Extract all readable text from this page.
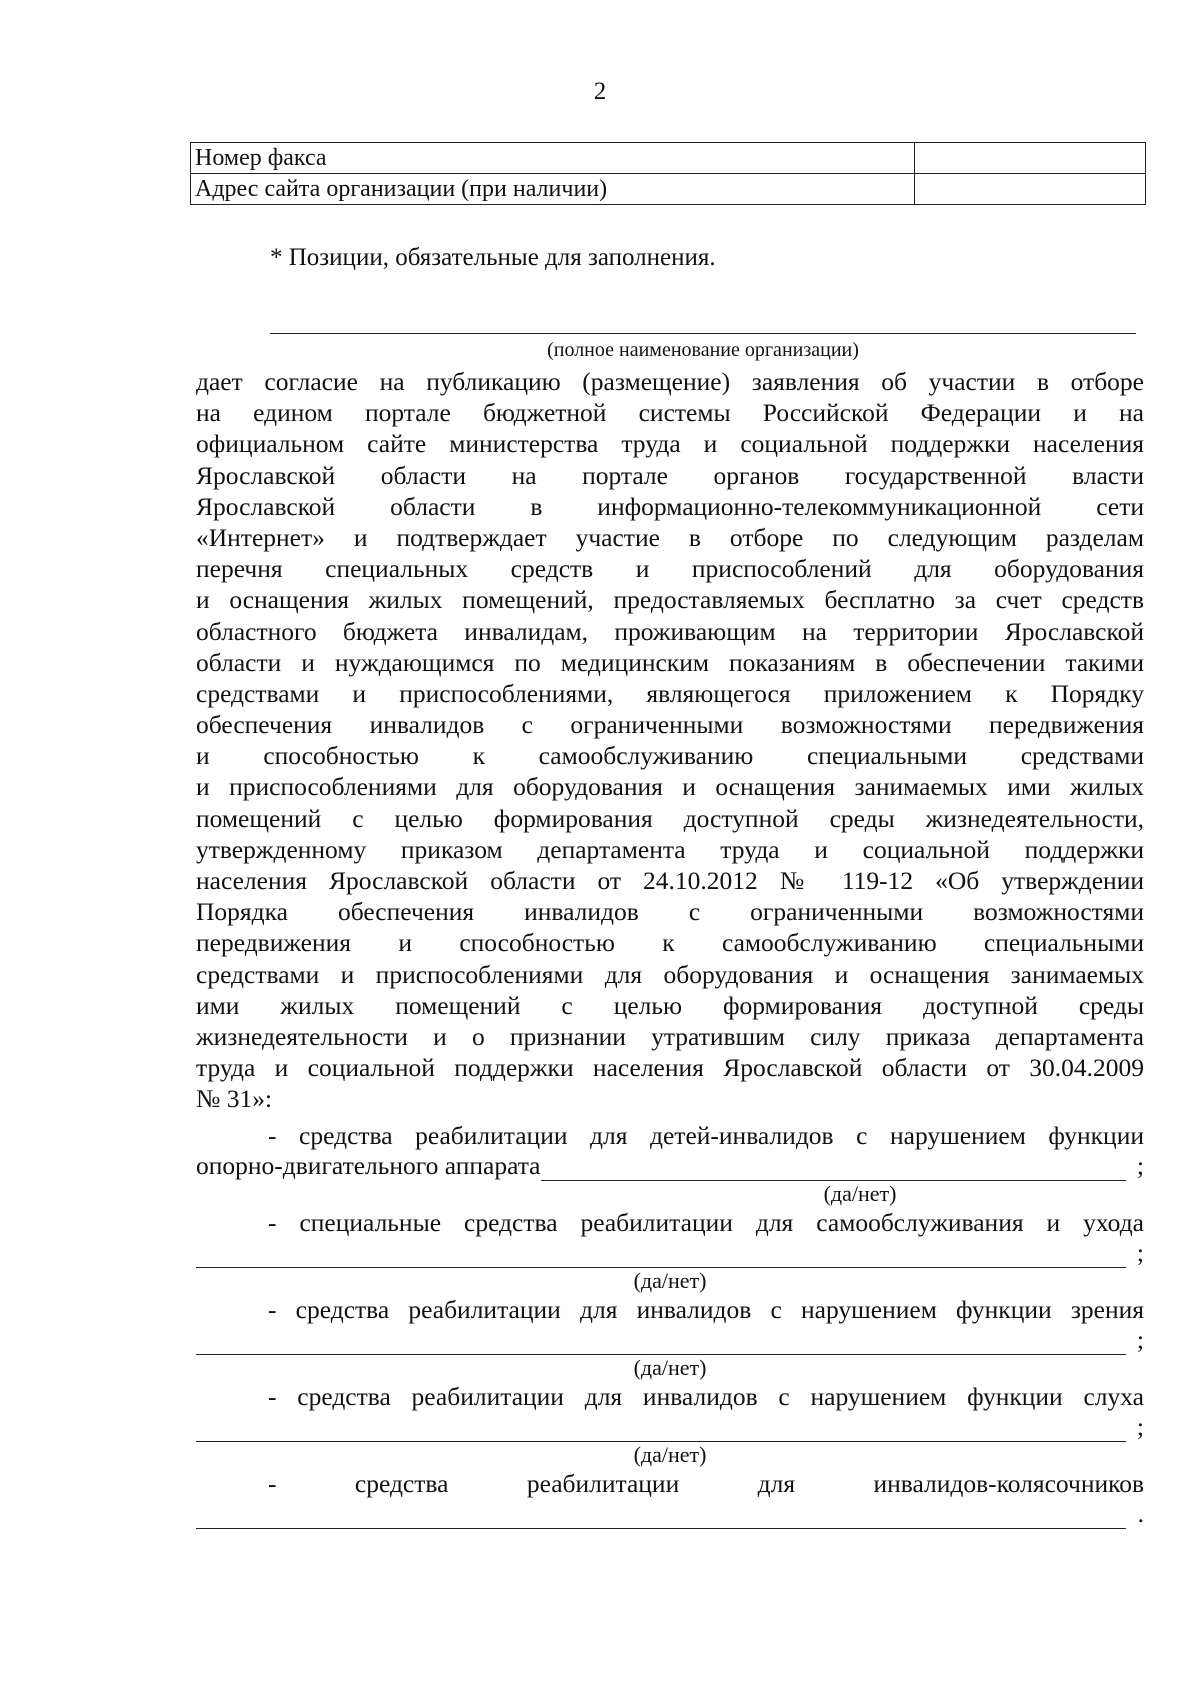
2
Номер факса	
Адрес сайта организации (при наличии)	
* Позиции, обязательные для заполнения.
(полное наименование организации)
дает согласие на публикацию (размещение) заявления об участии в отборе
на едином портале бюджетной системы Российской Федерации и на
официальном сайте министерства труда и социальной поддержки населения
Ярославской области на портале органов государственной власти
Ярославской области в информационно-телекоммуникационной сети
«Интернет» и подтверждает участие в отборе по следующим разделам
перечня специальных средств и приспособлений для оборудования
и оснащения жилых помещений, предоставляемых бесплатно за счет средств
областного бюджета инвалидам, проживающим на территории Ярославской
области и нуждающимся по медицинским показаниям в обеспечении такими
средствами и приспособлениями, являющегося приложением к Порядку
обеспечения инвалидов с ограниченными возможностями передвижения
и способностью к самообслуживанию специальными средствами
и приспособлениями для оборудования и оснащения занимаемых ими жилых
помещений с целью формирования доступной среды жизнедеятельности,
утвержденному приказом департамента труда и социальной поддержки
населения Ярославской области от 24.10.2012 № 119-12 «Об утверждении
Порядка обеспечения инвалидов с ограниченными возможностями
передвижения и способностью к самообслуживанию специальными
средствами и приспособлениями для оборудования и оснащения занимаемых
ими жилых помещений с целью формирования доступной среды
жизнедеятельности и о признании утратившим силу приказа департамента
труда и социальной поддержки населения Ярославской области от 30.04.2009
№ 31»:
- средства реабилитации для детей-инвалидов с нарушением функции
опорно-двигательного аппарата	;
(да/нет)
- специальные средства реабилитации для самообслуживания и ухода
;
(да/нет)
- средства реабилитации для инвалидов с нарушением функции зрения
;
(да/нет)
- средства реабилитации для инвалидов с нарушением функции слуха
;
(да/нет)
- средства реабилитации для инвалидов-колясочников
.
